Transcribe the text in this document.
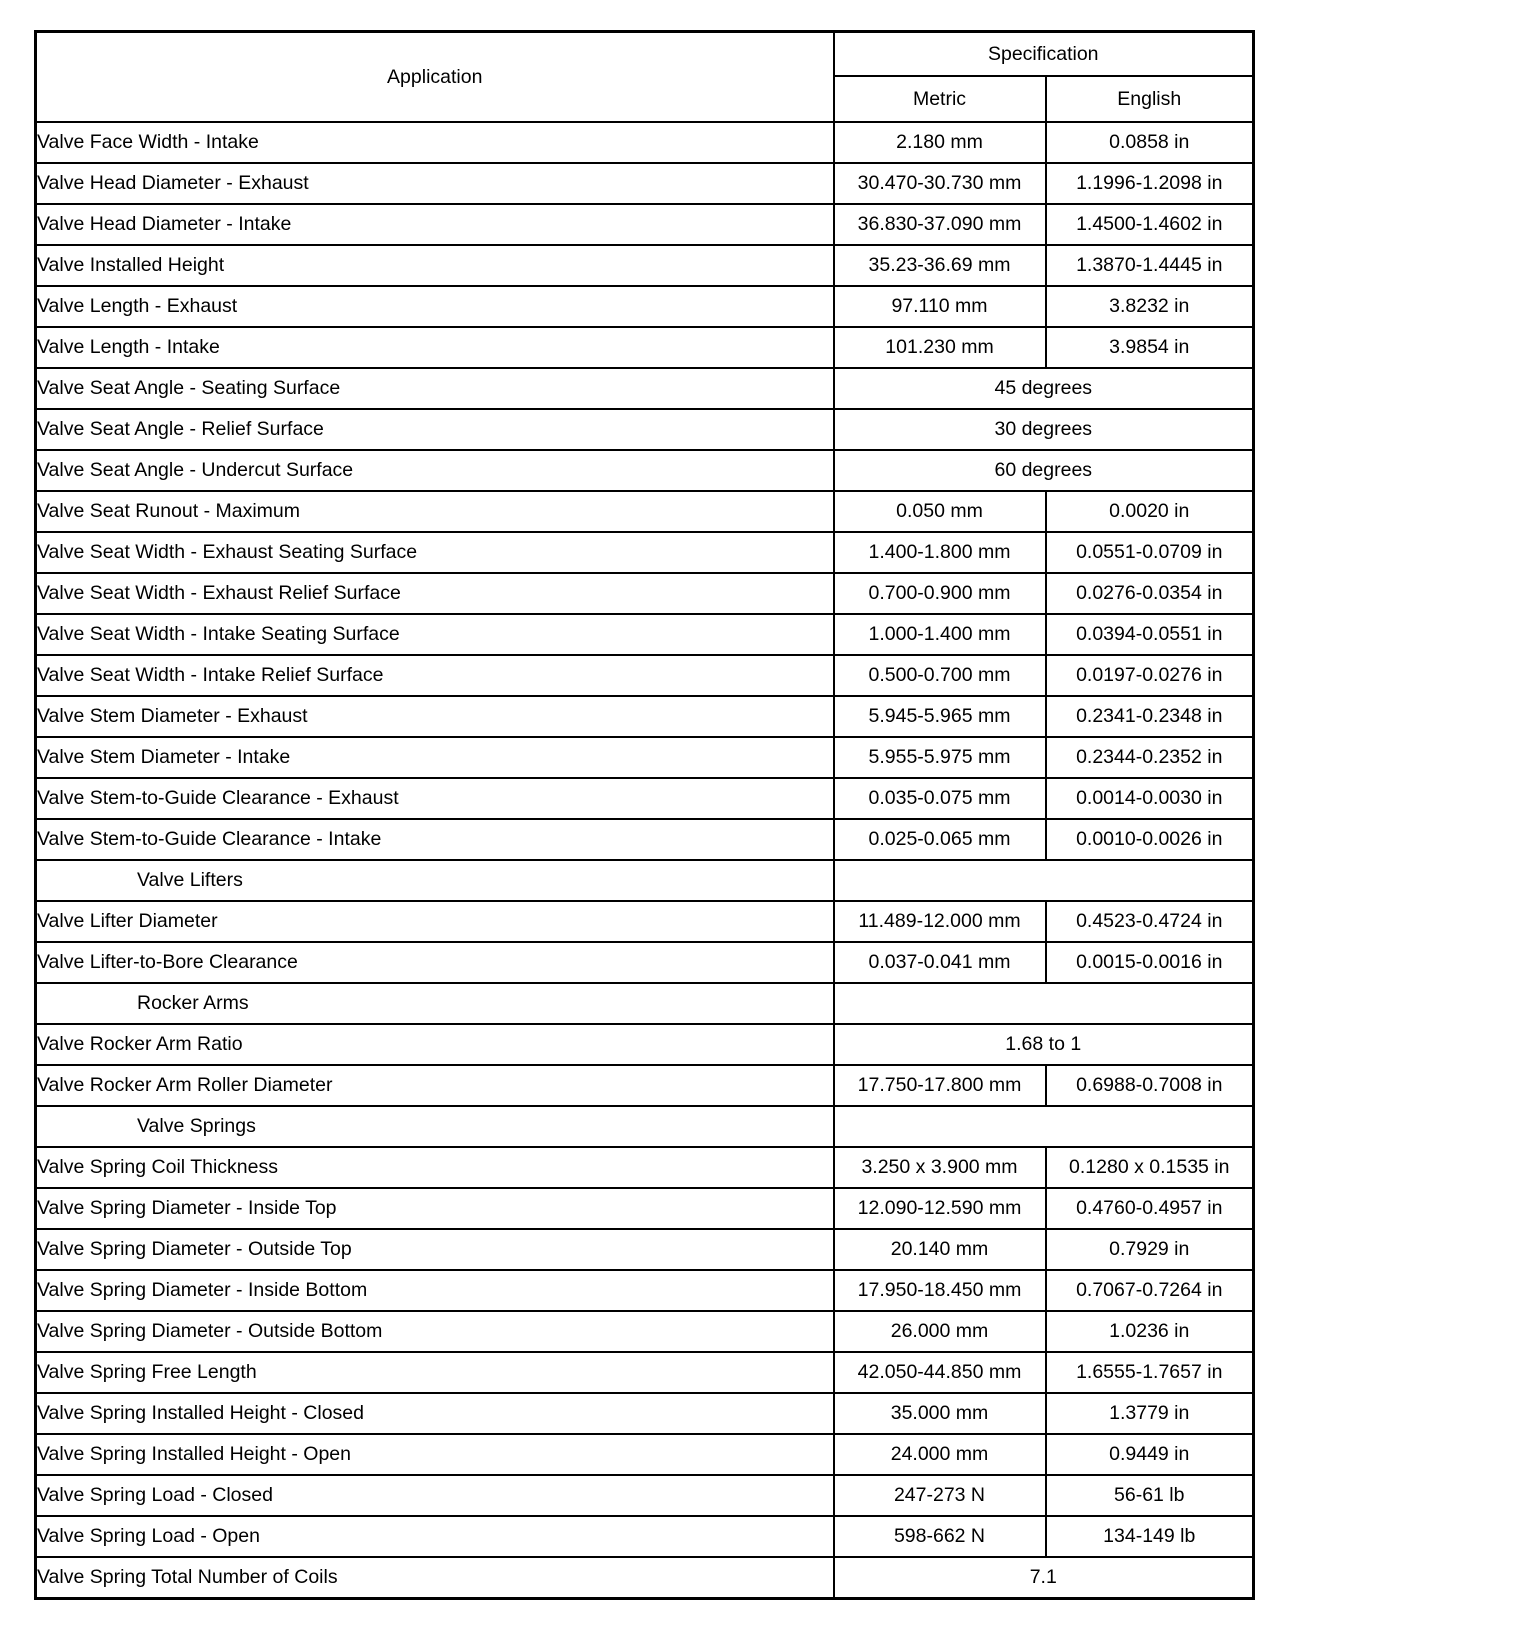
Application	Specification	
	Metric	English
Valve Face Width - Intake	2.180 mm	0.0858 in
Valve Head Diameter - Exhaust	30.470-30.730 mm	1.1996-1.2098 in
Valve Head Diameter - Intake	36.830-37.090 mm	1.4500-1.4602 in
Valve Installed Height	35.23-36.69 mm	1.3870-1.4445 in
Valve Length - Exhaust	97.110 mm	3.8232 in
Valve Length - Intake	101.230 mm	3.9854 in
Valve Seat Angle - Seating Surface	45 degrees	
Valve Seat Angle - Relief Surface	30 degrees	
Valve Seat Angle - Undercut Surface	60 degrees	
Valve Seat Runout - Maximum	0.050 mm	0.0020 in
Valve Seat Width - Exhaust Seating Surface	1.400-1.800 mm	0.0551-0.0709 in
Valve Seat Width - Exhaust Relief Surface	0.700-0.900 mm	0.0276-0.0354 in
Valve Seat Width - Intake Seating Surface	1.000-1.400 mm	0.0394-0.0551 in
Valve Seat Width - Intake Relief Surface	0.500-0.700 mm	0.0197-0.0276 in
Valve Stem Diameter - Exhaust	5.945-5.965 mm	0.2341-0.2348 in
Valve Stem Diameter - Intake	5.955-5.975 mm	0.2344-0.2352 in
Valve Stem-to-Guide Clearance - Exhaust	0.035-0.075 mm	0.0014-0.0030 in
Valve Stem-to-Guide Clearance - Intake	0.025-0.065 mm	0.0010-0.0026 in
Valve Lifters		
Valve Lifter Diameter	11.489-12.000 mm	0.4523-0.4724 in
Valve Lifter-to-Bore Clearance	0.037-0.041 mm	0.0015-0.0016 in
Rocker Arms		
Valve Rocker Arm Ratio	1.68 to 1	
Valve Rocker Arm Roller Diameter	17.750-17.800 mm	0.6988-0.7008 in
Valve Springs		
Valve Spring Coil Thickness	3.250 x 3.900 mm	0.1280 x 0.1535 in
Valve Spring Diameter - Inside Top	12.090-12.590 mm	0.4760-0.4957 in
Valve Spring Diameter - Outside Top	20.140 mm	0.7929 in
Valve Spring Diameter - Inside Bottom	17.950-18.450 mm	0.7067-0.7264 in
Valve Spring Diameter - Outside Bottom	26.000 mm	1.0236 in
Valve Spring Free Length	42.050-44.850 mm	1.6555-1.7657 in
Valve Spring Installed Height - Closed	35.000 mm	1.3779 in
Valve Spring Installed Height - Open	24.000 mm	0.9449 in
Valve Spring Load - Closed	247-273 N	56-61 lb
Valve Spring Load - Open	598-662 N	134-149 lb
Valve Spring Total Number of Coils	7.1	
